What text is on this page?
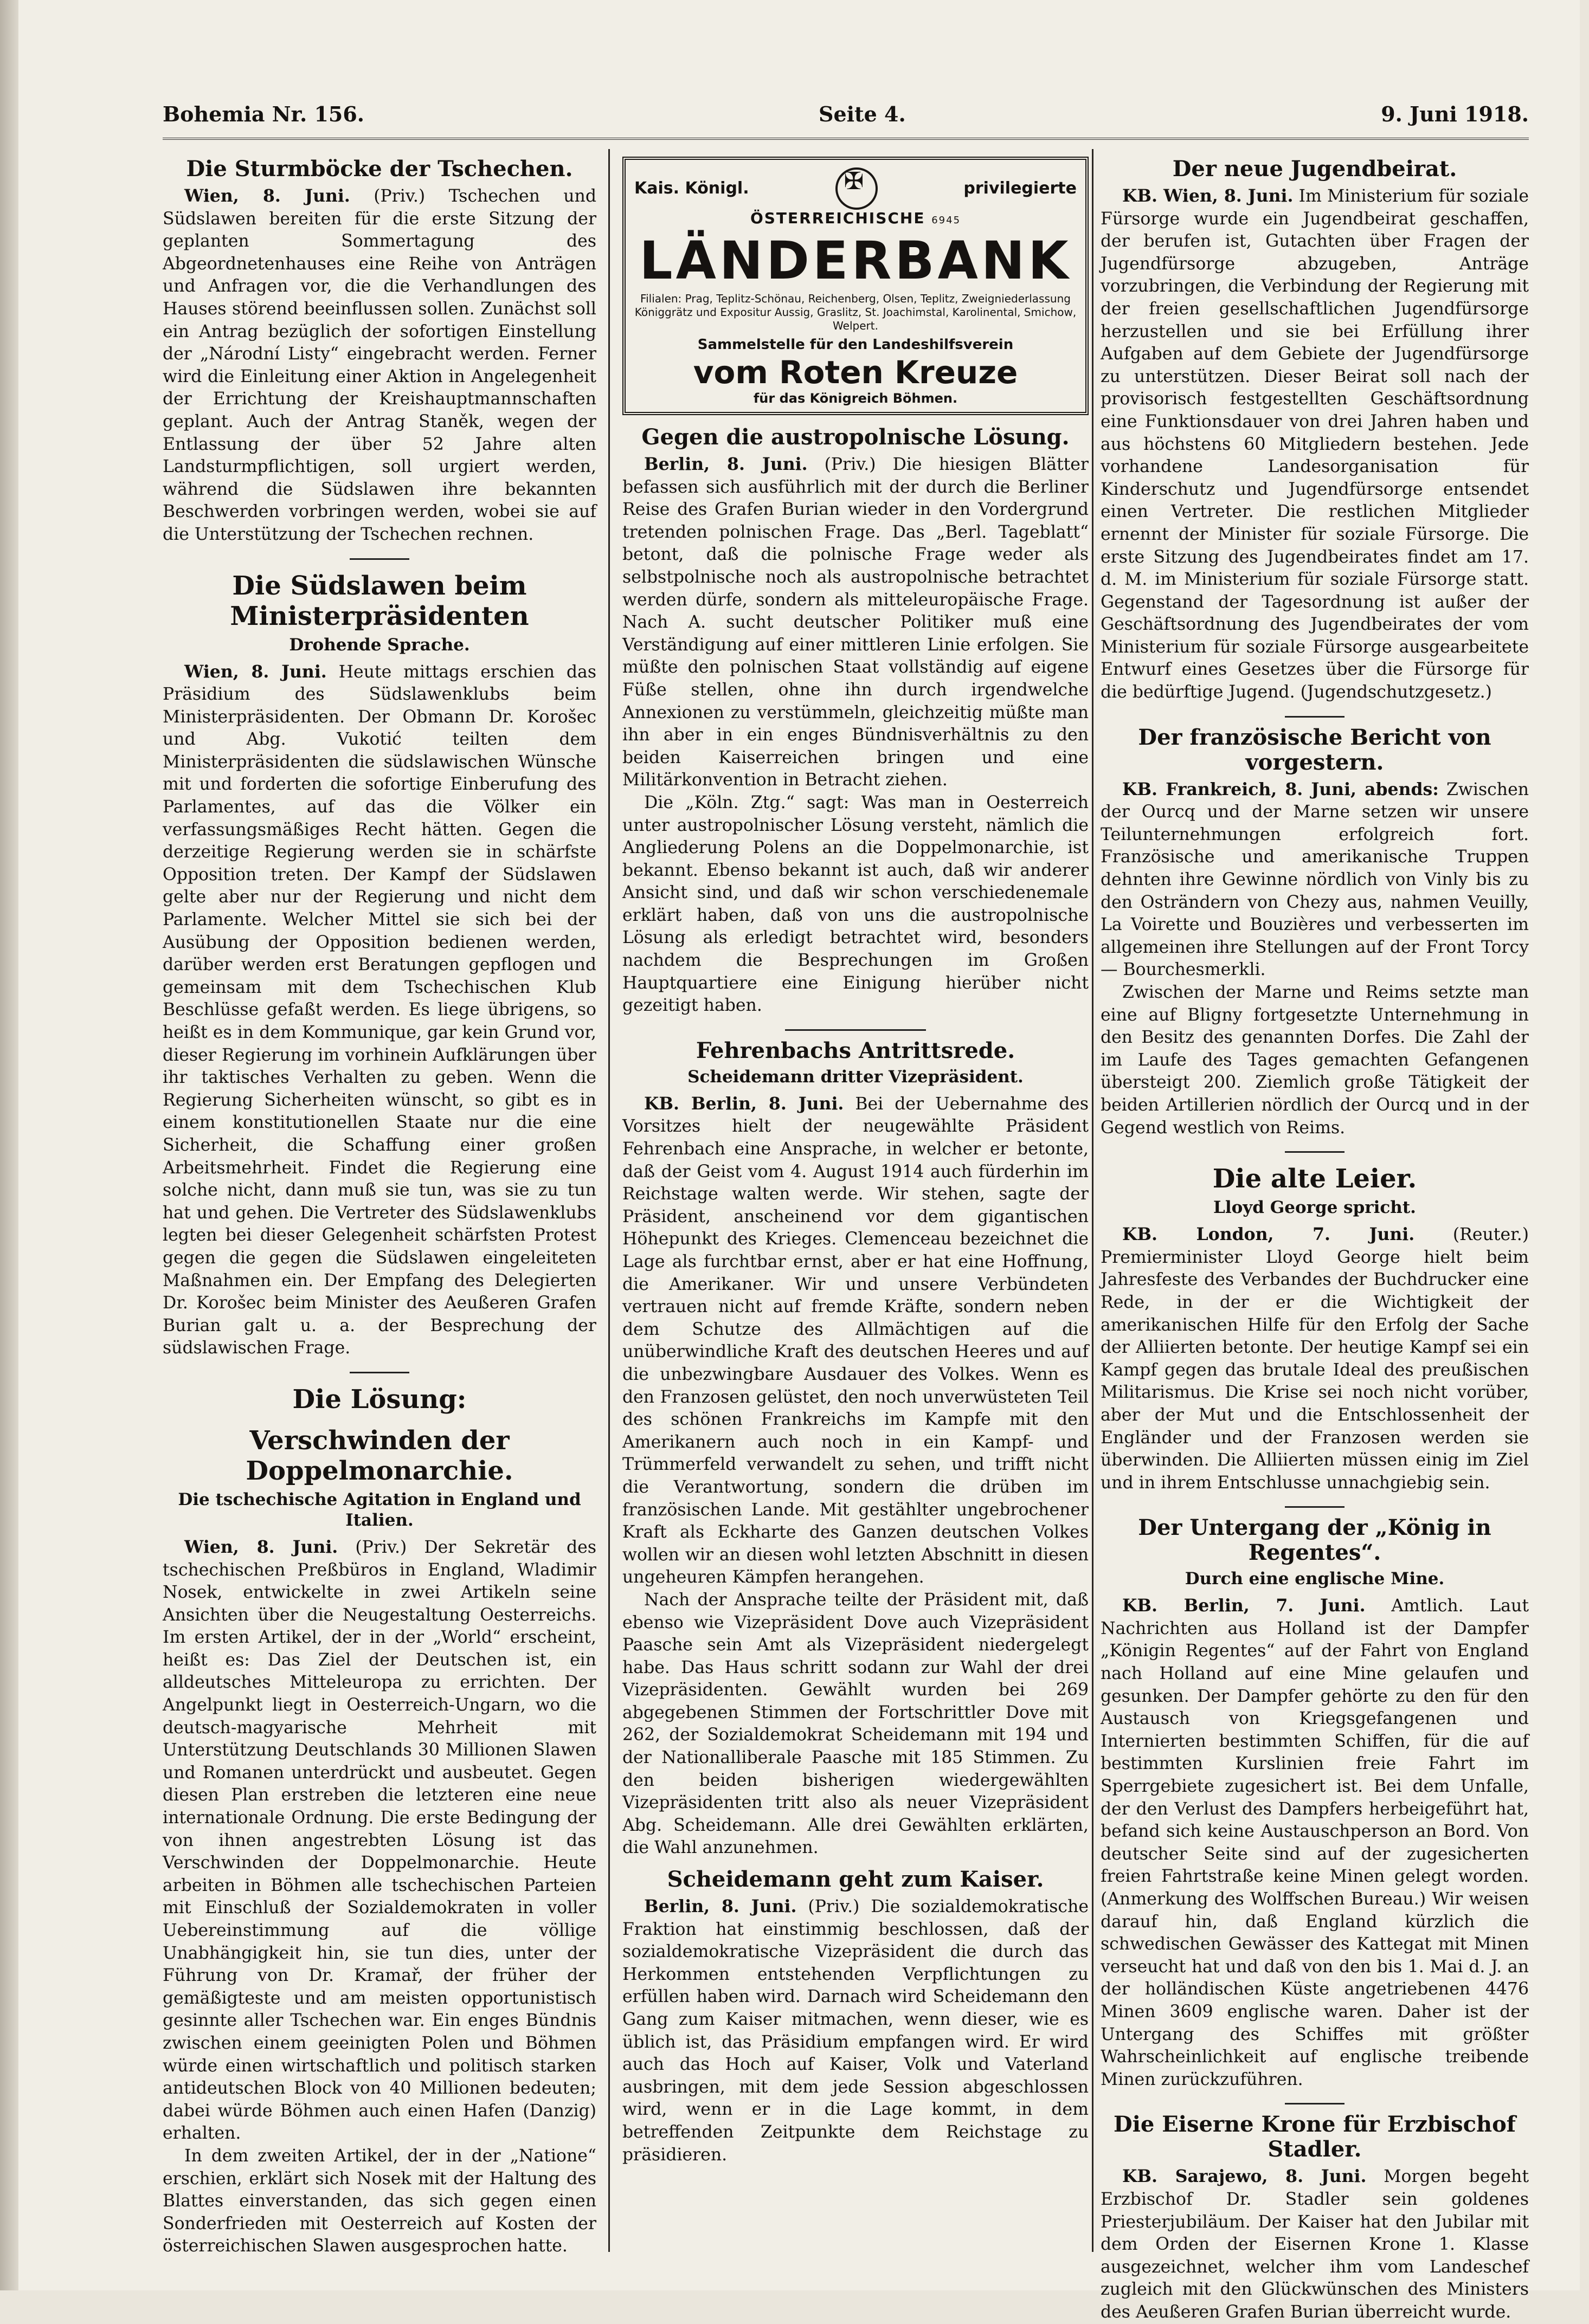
Bohemia Nr. 156.	Seite 4.	9. Juni 1918.
Die Sturmböcke der Tschechen.

Wien, 8. Juni. (Priv.) Tschechen und Südslawen bereiten für die erste Sitzung der geplanten Sommertagung des Abgeordnetenhauses eine Reihe von Anträgen und Anfragen vor, die die Verhandlungen des Hauses störend beeinflussen sollen. Zunächst soll ein Antrag bezüglich der sofortigen Einstellung der „Národní Listy“ eingebracht werden. Ferner wird die Einleitung einer Aktion in Angelegenheit der Errichtung der Kreishauptmannschaften geplant. Auch der Antrag Staněk, wegen der Entlassung der über 52 Jahre alten Landsturmpflichtigen, soll urgiert werden, während die Südslawen ihre bekannten Beschwerden vorbringen werden, wobei sie auf die Unterstützung der Tschechen rechnen.

Die Südslawen beim Ministerpräsidenten
Drohende Sprache.

Wien, 8. Juni. Heute mittags erschien das Präsidium des Südslawenklubs beim Ministerpräsidenten. Der Obmann Dr. Korošec und Abg. Vukotić teilten dem Ministerpräsidenten die südslawischen Wünsche mit und forderten die sofortige Einberufung des Parlamentes, auf das die Völker ein verfassungsmäßiges Recht hätten. Gegen die derzeitige Regierung werden sie in schärfste Opposition treten. Der Kampf der Südslawen gelte aber nur der Regierung und nicht dem Parlamente. Welcher Mittel sie sich bei der Ausübung der Opposition bedienen werden, darüber werden erst Beratungen gepflogen und gemeinsam mit dem Tschechischen Klub Beschlüsse gefaßt werden. Es liege übrigens, so heißt es in dem Kommunique, gar kein Grund vor, dieser Regierung im vorhinein Aufklärungen über ihr taktisches Verhalten zu geben. Wenn die Regierung Sicherheiten wünscht, so gibt es in einem konstitutionellen Staate nur die eine Sicherheit, die Schaffung einer großen Arbeitsmehrheit. Findet die Regierung eine solche nicht, dann muß sie tun, was sie zu tun hat und gehen. Die Vertreter des Südslawenklubs legten bei dieser Gelegenheit schärfsten Protest gegen die gegen die Südslawen eingeleiteten Maßnahmen ein. Der Empfang des Delegierten Dr. Korošec beim Minister des Aeußeren Grafen Burian galt u. a. der Besprechung der südslawischen Frage.

Die Lösung:
Verschwinden der Doppelmonarchie.
Die tschechische Agitation in England und Italien.

Wien, 8. Juni. (Priv.) Der Sekretär des tschechischen Preßbüros in England, Wladimir Nosek, entwickelte in zwei Artikeln seine Ansichten über die Neugestaltung Oesterreichs. Im ersten Artikel, der in der „World“ erscheint, heißt es: Das Ziel der Deutschen ist, ein alldeutsches Mitteleuropa zu errichten. Der Angelpunkt liegt in Oesterreich-Ungarn, wo die deutsch-magyarische Mehrheit mit Unterstützung Deutschlands 30 Millionen Slawen und Romanen unterdrückt und ausbeutet. Gegen diesen Plan erstreben die letzteren eine neue internationale Ordnung. Die erste Bedingung der von ihnen angestrebten Lösung ist das Verschwinden der Doppelmonarchie. Heute arbeiten in Böhmen alle tschechischen Parteien mit Einschluß der Sozialdemokraten in voller Uebereinstimmung auf die völlige Unabhängigkeit hin, sie tun dies, unter der Führung von Dr. Kramař, der früher der gemäßigteste und am meisten opportunistisch gesinnte aller Tschechen war. Ein enges Bündnis zwischen einem geeinigten Polen und Böhmen würde einen wirtschaftlich und politisch starken antideutschen Block von 40 Millionen bedeuten; dabei würde Böhmen auch einen Hafen (Danzig) erhalten.

In dem zweiten Artikel, der in der „Natione“ erschien, erklärt sich Nosek mit der Haltung des Blattes einverstanden, das sich gegen einen Sonderfrieden mit Oesterreich auf Kosten der österreichischen Slawen ausgesprochen hatte.

Kais. Königl.
✠	privilegierte
ÖSTERREICHISCHE 6945
LÄNDERBANK
Filialen: Prag, Teplitz-Schönau, Reichenberg, Olsen, Teplitz, Zweigniederlassung Königgrätz und Expositur Aussig, Graslitz, St. Joachimstal, Karolinental, Smichow, Welpert.
Sammelstelle für den Landeshilfsverein
vom Roten Kreuze
für das Königreich Böhmen.
Gegen die austropolnische Lösung.

Berlin, 8. Juni. (Priv.) Die hiesigen Blätter befassen sich ausführlich mit der durch die Berliner Reise des Grafen Burian wieder in den Vordergrund tretenden polnischen Frage. Das „Berl. Tageblatt“ betont, daß die polnische Frage weder als selbstpolnische noch als austropolnische betrachtet werden dürfe, sondern als mitteleuropäische Frage. Nach A. sucht deutscher Politiker muß eine Verständigung auf einer mittleren Linie erfolgen. Sie müßte den polnischen Staat vollständig auf eigene Füße stellen, ohne ihn durch irgendwelche Annexionen zu verstümmeln, gleichzeitig müßte man ihn aber in ein enges Bündnisverhältnis zu den beiden Kaiserreichen bringen und eine Militärkonvention in Betracht ziehen.

Die „Köln. Ztg.“ sagt: Was man in Oesterreich unter austropolnischer Lösung versteht, nämlich die Angliederung Polens an die Doppelmonarchie, ist bekannt. Ebenso bekannt ist auch, daß wir anderer Ansicht sind, und daß wir schon verschiedenemale erklärt haben, daß von uns die austropolnische Lösung als erledigt betrachtet wird, besonders nachdem die Besprechungen im Großen Hauptquartiere eine Einigung hierüber nicht gezeitigt haben.

Fehrenbachs Antrittsrede.
Scheidemann dritter Vizepräsident.

KB. Berlin, 8. Juni. Bei der Uebernahme des Vorsitzes hielt der neugewählte Präsident Fehrenbach eine Ansprache, in welcher er betonte, daß der Geist vom 4. August 1914 auch fürderhin im Reichstage walten werde. Wir stehen, sagte der Präsident, anscheinend vor dem gigantischen Höhepunkt des Krieges. Clemenceau bezeichnet die Lage als furchtbar ernst, aber er hat eine Hoffnung, die Amerikaner. Wir und unsere Verbündeten vertrauen nicht auf fremde Kräfte, sondern neben dem Schutze des Allmächtigen auf die unüberwindliche Kraft des deutschen Heeres und auf die unbezwingbare Ausdauer des Volkes. Wenn es den Franzosen gelüstet, den noch unverwüsteten Teil des schönen Frankreichs im Kampfe mit den Amerikanern auch noch in ein Kampf- und Trümmerfeld verwandelt zu sehen, und trifft nicht die Verantwortung, sondern die drüben im französischen Lande. Mit gestählter ungebrochener Kraft als Eckharte des Ganzen deutschen Volkes wollen wir an diesen wohl letzten Abschnitt in diesen ungeheuren Kämpfen herangehen.

Nach der Ansprache teilte der Präsident mit, daß ebenso wie Vizepräsident Dove auch Vizepräsident Paasche sein Amt als Vizepräsident niedergelegt habe. Das Haus schritt sodann zur Wahl der drei Vizepräsidenten. Gewählt wurden bei 269 abgegebenen Stimmen der Fortschrittler Dove mit 262, der Sozialdemokrat Scheidemann mit 194 und der Nationalliberale Paasche mit 185 Stimmen. Zu den beiden bisherigen wiedergewählten Vizepräsidenten tritt also als neuer Vizepräsident Abg. Scheidemann. Alle drei Gewählten erklärten, die Wahl anzunehmen.

Scheidemann geht zum Kaiser.

Berlin, 8. Juni. (Priv.) Die sozialdemokratische Fraktion hat einstimmig beschlossen, daß der sozialdemokratische Vizepräsident die durch das Herkommen entstehenden Verpflichtungen zu erfüllen haben wird. Darnach wird Scheidemann den Gang zum Kaiser mitmachen, wenn dieser, wie es üblich ist, das Präsidium empfangen wird. Er wird auch das Hoch auf Kaiser, Volk und Vaterland ausbringen, mit dem jede Session abgeschlossen wird, wenn er in die Lage kommt, in dem betreffenden Zeitpunkte dem Reichstage zu präsidieren.

Der neue Jugendbeirat.

KB. Wien, 8. Juni. Im Ministerium für soziale Fürsorge wurde ein Jugendbeirat geschaffen, der berufen ist, Gutachten über Fragen der Jugendfürsorge abzugeben, Anträge vorzubringen, die Verbindung der Regierung mit der freien gesellschaftlichen Jugendfürsorge herzustellen und sie bei Erfüllung ihrer Aufgaben auf dem Gebiete der Jugendfürsorge zu unterstützen. Dieser Beirat soll nach der provisorisch festgestellten Geschäftsordnung eine Funktionsdauer von drei Jahren haben und aus höchstens 60 Mitgliedern bestehen. Jede vorhandene Landesorganisation für Kinderschutz und Jugendfürsorge entsendet einen Vertreter. Die restlichen Mitglieder ernennt der Minister für soziale Fürsorge. Die erste Sitzung des Jugendbeirates findet am 17. d. M. im Ministerium für soziale Fürsorge statt. Gegenstand der Tagesordnung ist außer der Geschäftsordnung des Jugendbeirates der vom Ministerium für soziale Fürsorge ausgearbeitete Entwurf eines Gesetzes über die Fürsorge für die bedürftige Jugend. (Jugendschutzgesetz.)

Der französische Bericht von vorgestern.

KB. Frankreich, 8. Juni, abends: Zwischen der Ourcq und der Marne setzen wir unsere Teilunternehmungen erfolgreich fort. Französische und amerikanische Truppen dehnten ihre Gewinne nördlich von Vinly bis zu den Osträndern von Chezy aus, nahmen Veuilly, La Voirette und Bouzières und verbesserten im allgemeinen ihre Stellungen auf der Front Torcy — Bourchesmerkli.

Zwischen der Marne und Reims setzte man eine auf Bligny fortgesetzte Unternehmung in den Besitz des genannten Dorfes. Die Zahl der im Laufe des Tages gemachten Gefangenen übersteigt 200. Ziemlich große Tätigkeit der beiden Artillerien nördlich der Ourcq und in der Gegend westlich von Reims.

Die alte Leier.
Lloyd George spricht.

KB. London, 7. Juni. (Reuter.) Premierminister Lloyd George hielt beim Jahresfeste des Verbandes der Buchdrucker eine Rede, in der er die Wichtigkeit der amerikanischen Hilfe für den Erfolg der Sache der Alliierten betonte. Der heutige Kampf sei ein Kampf gegen das brutale Ideal des preußischen Militarismus. Die Krise sei noch nicht vorüber, aber der Mut und die Entschlossenheit der Engländer und der Franzosen werden sie überwinden. Die Alliierten müssen einig im Ziel und in ihrem Entschlusse unnachgiebig sein.

Der Untergang der „König in Regentes“.
Durch eine englische Mine.

KB. Berlin, 7. Juni. Amtlich. Laut Nachrichten aus Holland ist der Dampfer „Königin Regentes“ auf der Fahrt von England nach Holland auf eine Mine gelaufen und gesunken. Der Dampfer gehörte zu den für den Austausch von Kriegsgefangenen und Internierten bestimmten Schiffen, für die auf bestimmten Kurslinien freie Fahrt im Sperrgebiete zugesichert ist. Bei dem Unfalle, der den Verlust des Dampfers herbeigeführt hat, befand sich keine Austauschperson an Bord. Von deutscher Seite sind auf der zugesicherten freien Fahrtstraße keine Minen gelegt worden. (Anmerkung des Wolffschen Bureau.) Wir weisen darauf hin, daß England kürzlich die schwedischen Gewässer des Kattegat mit Minen verseucht hat und daß von den bis 1. Mai d. J. an der holländischen Küste angetriebenen 4476 Minen 3609 englische waren. Daher ist der Untergang des Schiffes mit größter Wahrscheinlichkeit auf englische treibende Minen zurückzuführen.

Die Eiserne Krone für Erzbischof Stadler.

KB. Sarajewo, 8. Juni. Morgen begeht Erzbischof Dr. Stadler sein goldenes Priesterjubiläum. Der Kaiser hat den Jubilar mit dem Orden der Eisernen Krone 1. Klasse ausgezeichnet, welcher ihm vom Landeschef zugleich mit den Glückwünschen des Ministers des Aeußeren Grafen Burian überreicht wurde.
